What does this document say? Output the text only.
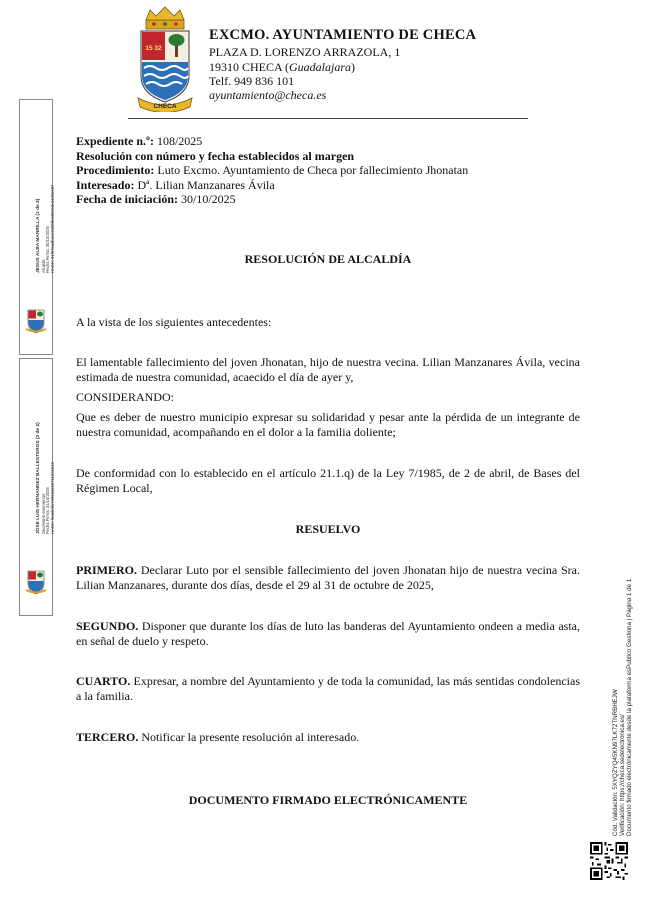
15 32
CHECA
EXCMO. AYUNTAMIENTO DE CHECA
PLAZA D. LORENZO ARRAZOLA, 1
19310 CHECA (Guadalajara)
Telf. 949 836 101
ayuntamiento@checa.es
JESUS ALBA MANRILLA (1 de 2) Alcalde Fecha Firma: 30/10/2025 HASH: 01f97eadb4c2249bfb9d6924bd4d56687
JOSE LUIS HERNANDEZ BALLESTEROS (2 de 2) Secretario-Interventor Fecha Firma: 31/10/2025 HASH: f5a5b4f1709934603711226519
Expediente n.º: 108/2025
Resolución con número y fecha establecidos al margen
Procedimiento: Luto Excmo. Ayuntamiento de Checa por fallecimiento Jhonatan
Interesado: Dª. Lilian Manzanares Ávila
Fecha de iniciación: 30/10/2025
RESOLUCIÓN DE ALCALDÍA
A la vista de los siguientes antecedentes:
El lamentable fallecimiento del joven Jhonatan, hijo de nuestra vecina. Lilian Manzanares Ávila, vecina estimada de nuestra comunidad, acaecido el día de ayer y,
CONSIDERANDO:
Que es deber de nuestro municipio expresar su solidaridad y pesar ante la pérdida de un integrante de nuestra comunidad, acompañando en el dolor a la familia doliente;
De conformidad con lo establecido en el artículo 21.1.q) de la Ley 7/1985, de 2 de abril, de Bases del Régimen Local,
RESUELVO
PRIMERO. Declarar Luto por el sensible fallecimiento del joven Jhonatan hijo de nuestra vecina Sra. Lilian Manzanares, durante dos días, desde el 29 al 31 de octubre de 2025,
SEGUNDO. Disponer que durante los días de luto las banderas del Ayuntamiento ondeen a media asta, en señal de duelo y respeto.
CUARTO. Expresar, a nombre del Ayuntamiento y de toda la comunidad, las más sentidas condolencias a la familia.
TERCERO. Notificar la presente resolución al interesado.
DOCUMENTO FIRMADO ELECTRÓNICAMENTE	Cód. Validación: 5XYQZYQ45KN97LK72TNRBHEJW Verificación: https://checa.sedelectronica.es/ Documento firmado electrónicamente desde la plataforma esPublico Gestiona | Página 1 de 1
